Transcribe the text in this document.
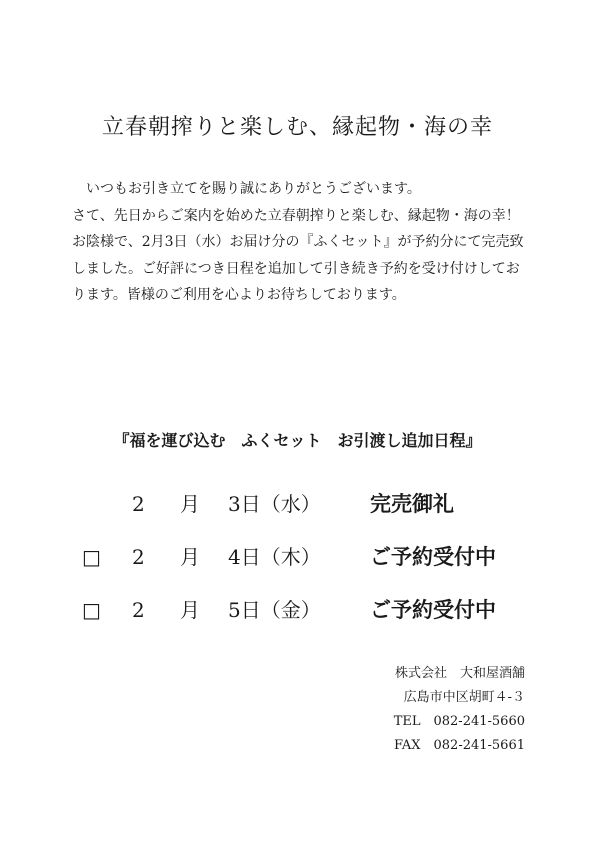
立春朝搾りと楽しむ、縁起物・海の幸

いつもお引き立てを賜り誠にありがとうございます。

さて、先日からご案内を始めた立春朝搾りと楽しむ、縁起物・海の幸！お陰様で、2月3日（水）お届け分の『ふくセット』が予約分にて完売致しました。ご好評につき日程を追加して引き続き予約を受け付けしております。皆様のご利用を心よりお待ちしております。

『福を運び込む　ふくセット　お引渡し追加日程』
2 月 3日（水） 完売御礼
□ 2 月 4日（木） ご予約受付中
□ 2 月 5日（金） ご予約受付中
株式会社　大和屋酒舗
広島市中区胡町４-３
TEL　082-241-5660
FAX　082-241-5661
